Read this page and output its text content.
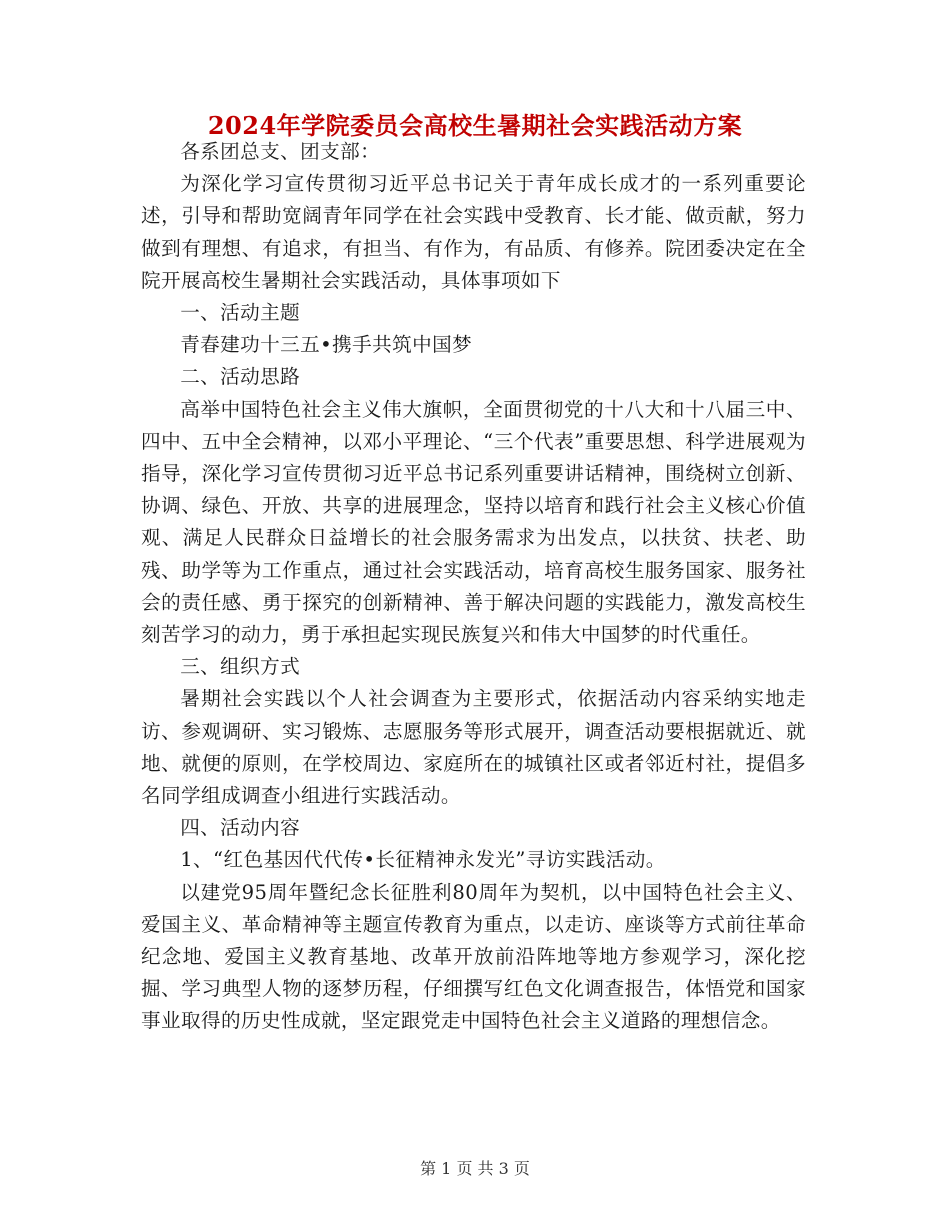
2024年学院委员会高校生暑期社会实践活动方案

各系团总支、团支部：

为深化学习宣传贯彻习近平总书记关于青年成长成才的一系列重要论述，引导和帮助宽阔青年同学在社会实践中受教育、长才能、做贡献，努力做到有理想、有追求，有担当、有作为，有品质、有修养。院团委决定在全院开展高校生暑期社会实践活动，具体事项如下

一、活动主题

青春建功十三五•携手共筑中国梦

二、活动思路

高举中国特色社会主义伟大旗帜，全面贯彻党的十八大和十八届三中、四中、五中全会精神，以邓小平理论、“三个代表”重要思想、科学进展观为指导，深化学习宣传贯彻习近平总书记系列重要讲话精神，围绕树立创新、协调、绿色、开放、共享的进展理念，坚持以培育和践行社会主义核心价值观、满足人民群众日益增长的社会服务需求为出发点，以扶贫、扶老、助残、助学等为工作重点，通过社会实践活动，培育高校生服务国家、服务社会的责任感、勇于探究的创新精神、善于解决问题的实践能力，激发高校生刻苦学习的动力，勇于承担起实现民族复兴和伟大中国梦的时代重任。

三、组织方式

暑期社会实践以个人社会调查为主要形式，依据活动内容采纳实地走访、参观调研、实习锻炼、志愿服务等形式展开，调查活动要根据就近、就地、就便的原则，在学校周边、家庭所在的城镇社区或者邻近村社，提倡多名同学组成调查小组进行实践活动。

四、活动内容

1、“红色基因代代传•长征精神永发光”寻访实践活动。

以建党95周年暨纪念长征胜利80周年为契机，以中国特色社会主义、爱国主义、革命精神等主题宣传教育为重点，以走访、座谈等方式前往革命纪念地、爱国主义教育基地、改革开放前沿阵地等地方参观学习，深化挖掘、学习典型人物的逐梦历程，仔细撰写红色文化调查报告，体悟党和国家事业取得的历史性成就，坚定跟党走中国特色社会主义道路的理想信念。

第 1 页 共 3 页
